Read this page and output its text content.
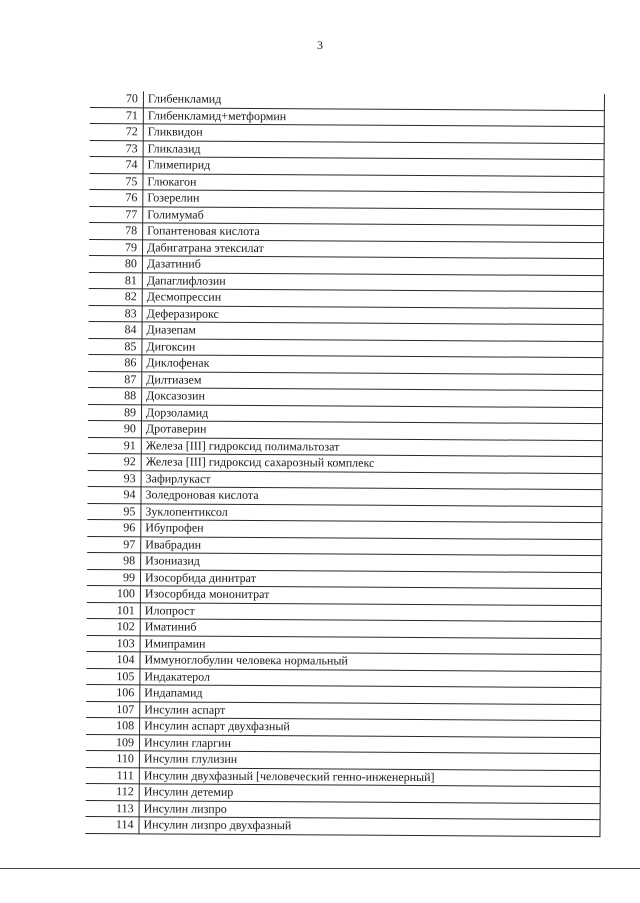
3
70	Глибенкламид
71	Глибенкламид+метформин
72	Гликвидон
73	Гликлазид
74	Глимепирид
75	Глюкагон
76	Гозерелин
77	Голимумаб
78	Гопантеновая кислота
79	Дабигатрана этексилат
80	Дазатиниб
81	Дапаглифлозин
82	Десмопрессин
83	Деферазирокс
84	Диазепам
85	Дигоксин
86	Диклофенак
87	Дилтиазем
88	Доксазозин
89	Дорзоламид
90	Дротаверин
91	Железа [III] гидроксид полимальтозат
92	Железа [III] гидроксид сахарозный комплекс
93	Зафирлукаст
94	Золедроновая кислота
95	Зуклопентиксол
96	Ибупрофен
97	Ивабрадин
98	Изониазид
99	Изосорбида динитрат
100	Изосорбида мононитрат
101	Илопрост
102	Иматиниб
103	Имипрамин
104	Иммуноглобулин человека нормальный
105	Индакатерол
106	Индапамид
107	Инсулин аспарт
108	Инсулин аспарт двухфазный
109	Инсулин гларгин
110	Инсулин глулизин
111	Инсулин двухфазный [человеческий генно-инженерный]
112	Инсулин детемир
113	Инсулин лизпро
114	Инсулин лизпро двухфазный
